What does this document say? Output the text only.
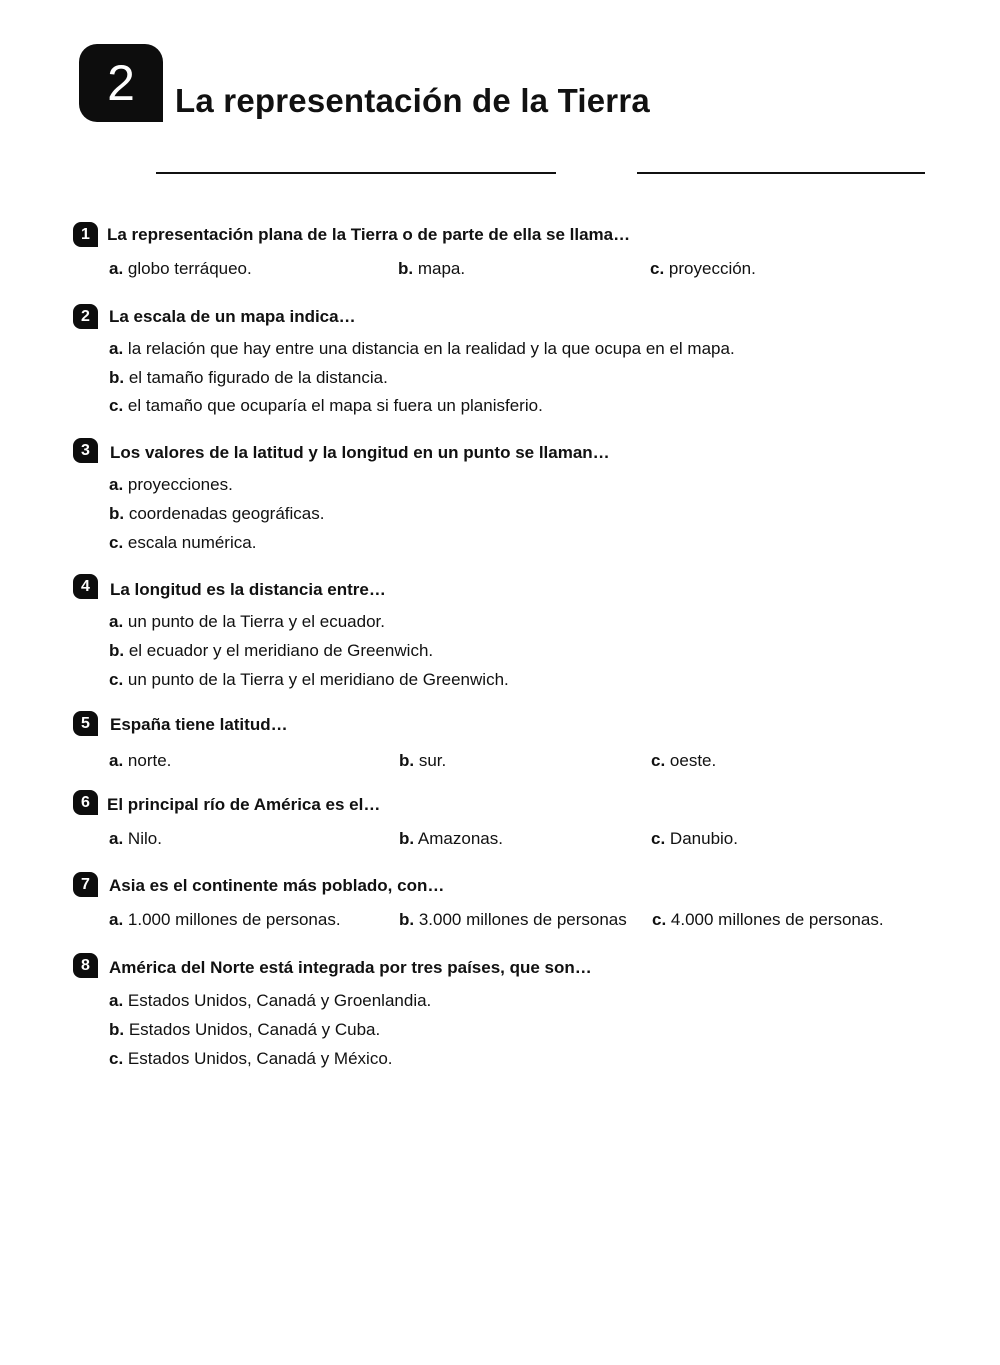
2	La representación de la Tierra
1	La representación plana de la Tierra o de parte de ella se llama…
a. globo terráqueo.	b. mapa.	c. proyección.
2	La escala de un mapa indica…
a. la relación que hay entre una distancia en la realidad y la que ocupa en el mapa.
b. el tamaño figurado de la distancia.
c. el tamaño que ocuparía el mapa si fuera un planisferio.
3	Los valores de la latitud y la longitud en un punto se llaman…
a. proyecciones.
b. coordenadas geográficas.
c. escala numérica.
4	La longitud es la distancia entre…
a. un punto de la Tierra y el ecuador.
b. el ecuador y el meridiano de Greenwich.
c. un punto de la Tierra y el meridiano de Greenwich.
5	España tiene latitud…
a. norte.	b. sur.	c. oeste.
6	El principal río de América es el…
a. Nilo.	b. Amazonas.	c. Danubio.
7	Asia es el continente más poblado, con…
a. 1.000 millones de personas.	b. 3.000 millones de personas c. 4.000 millones de personas.
8	América del Norte está integrada por tres países, que son…
a. Estados Unidos, Canadá y Groenlandia.
b. Estados Unidos, Canadá y Cuba.
c. Estados Unidos, Canadá y México.
